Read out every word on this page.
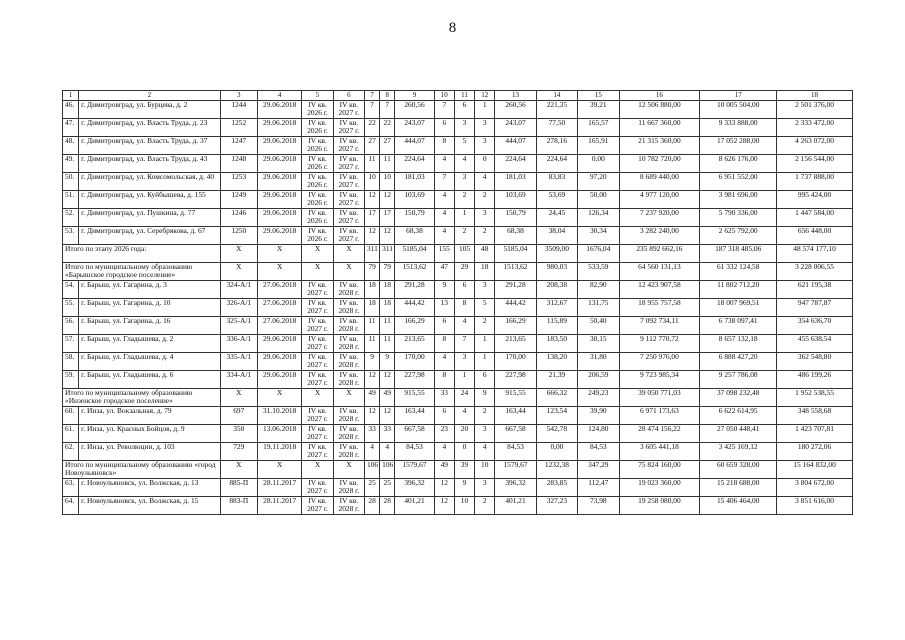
8
1	2	3	4	5	6	7	8	9	10	11	12	13	14	15	16	17	18
46.	г. Димитровград, ул. Бурцева, д. 2	1244	29.06.2018	IV кв. 2026 г.	IV кв. 2027 г.	7	7	260,56	7	6	1	260,56	221,35	39,21	12 506 880,00	10 005 504,00	2 501 376,00
47.	г. Димитровград, ул. Власть Труда, д. 23	1252	29.06.2018	IV кв. 2026 г.	IV кв. 2027 г.	22	22	243,07	6	3	3	243,07	77,50	165,57	11 667 360,00	9 333 888,00	2 333 472,00
48.	г. Димитровград, ул. Власть Труда, д. 37	1247	29.06.2018	IV кв. 2026 г.	IV кв. 2027 г.	27	27	444,07	8	5	3	444,07	278,16	165,91	21 315 360,00	17 052 288,00	4 263 072,00
49.	г. Димитровград, ул. Власть Труда, д. 43	1248	29.06.2018	IV кв. 2026 г.	IV кв. 2027 г.	11	11	224,64	4	4	0	224,64	224,64	0,00	10 782 720,00	8 626 176,00	2 156 544,00
50.	г. Димитровград, ул. Комсомольская, д. 40	1253	29.06.2018	IV кв. 2026 г.	IV кв. 2027 г.	10	10	181,03	7	3	4	181,03	83,83	97,20	8 689 440,00	6 951 552,00	1 737 888,00
51.	г. Димитровград, ул. Куйбышева, д. 155	1249	29.06.2018	IV кв. 2026 г.	IV кв. 2027 г.	12	12	103,69	4	2	2	103,69	53,69	50,00	4 977 120,00	3 981 696,00	995 424,00
52.	г. Димитровград, ул. Пушкина, д. 77	1246	29.06.2018	IV кв. 2026 г.	IV кв. 2027 г.	17	17	150,79	4	1	3	150,79	24,45	126,34	7 237 920,00	5 790 336,00	1 447 584,00
53.	г. Димитровград, ул. Серебрякова, д. 67	1250	29.06.2018	IV кв. 2026 г.	IV кв. 2027 г.	12	12	68,38	4	2	2	68,38	38,04	30,34	3 282 240,00	2 625 792,00	656 448,00
Итого по этапу 2026 года:		X	X	X	X	311	311	5185,04	155	105	48	5185,04	3509,00	1676,04	235 892 662,16	187 318 485,06	48 574 177,10
Итого по муниципальному образованию «Барышское городское поселение»		X	X	X	X	79	79	1513,62	47	29	18	1513,62	980,03	533,59	64 560 131,13	61 332 124,58	3 228 006,55
54.	г. Барыш, ул. Гагарина, д. 3	324-А/1	27.06.2018	IV кв. 2027 г.	IV кв. 2028 г.	18	18	291,28	9	6	3	291,28	208,38	82,90	12 423 907,58	11 802 712,20	621 195,38
55.	г. Барыш, ул. Гагарина, д. 10	326-А/1	27.06.2018	IV кв. 2027 г.	IV кв. 2028 г.	18	18	444,42	13	8	5	444,42	312,67	131,75	18 955 757,58	18 007 969,51	947 787,87
56.	г. Барыш, ул. Гагарина, д. 16	325-А/1	27.06.2018	IV кв. 2027 г.	IV кв. 2028 г.	11	11	166,29	6	4	2	166,29	115,89	50,40	7 092 734,11	6 738 097,41	354 636,70
57.	г. Барыш, ул. Гладышева, д. 2	336-А/1	29.06.2018	IV кв. 2027 г.	IV кв. 2028 г.	11	11	213,65	8	7	1	213,65	183,50	30,15	9 112 770,72	8 657 132,18	455 638,54
58.	г. Барыш, ул. Гладышева, д. 4	335-А/1	29.06.2018	IV кв. 2027 г.	IV кв. 2028 г.	9	9	170,00	4	3	1	170,00	138,20	31,80	7 250 976,00	6 888 427,20	362 548,80
59.	г. Барыш, ул. Гладышева, д. 6	334-А/1	29.06.2018	IV кв. 2027 г.	IV кв. 2028 г.	12	12	227,98	8	1	6	227,98	21,39	206,59	9 723 985,34	9 257 786,08	486 199,26
Итого по муниципальному образованию «Инзенское городское поселение»		X	X	X	X	49	49	915,55	33	24	9	915,55	666,32	249,23	39 050 771,03	37 098 232,48	1 952 538,55
60.	г. Инза, ул. Вокзальная, д. 79	697	31.10.2018	IV кв. 2027 г.	IV кв. 2028 г.	12	12	163,44	6	4	2	163,44	123,54	39,90	6 971 173,63	6 622 614,95	348 558,68
61.	г. Инза, ул. Красных Бойцов, д. 9	350	13.06.2018	IV кв. 2027 г.	IV кв. 2028 г.	33	33	667,58	23	20	3	667,58	542,78	124,80	28 474 156,22	27 050 448,41	1 423 707,81
62.	г. Инза, ул. Революции, д. 103	729	19.11.2018	IV кв. 2027 г.	IV кв. 2028 г.	4	4	84,53	4	0	4	84,53	0,00	84,53	3 605 441,18	3 425 169,12	180 272,06
Итого по муниципальному образованию «город Новоульяновск»		X	X	X	X	106	106	1579,67	49	39	10	1579,67	1232,38	347,29	75 824 160,00	60 659 328,00	15 164 832,00
63.	г. Новоульяновск, ул. Волжская, д. 13	885-П	28.11.2017	IV кв. 2027 г.	IV кв. 2028 г.	25	25	396,32	12	9	3	396,32	283,85	112,47	19 023 360,00	15 218 688,00	3 804 672,00
64.	г. Новоульяновск, ул. Волжская, д. 15	883-П	28.11.2017	IV кв. 2027 г.	IV кв. 2028 г.	28	28	401,21	12	10	2	401,21	327,23	73,98	19 258 080,00	15 406 464,00	3 851 616,00
